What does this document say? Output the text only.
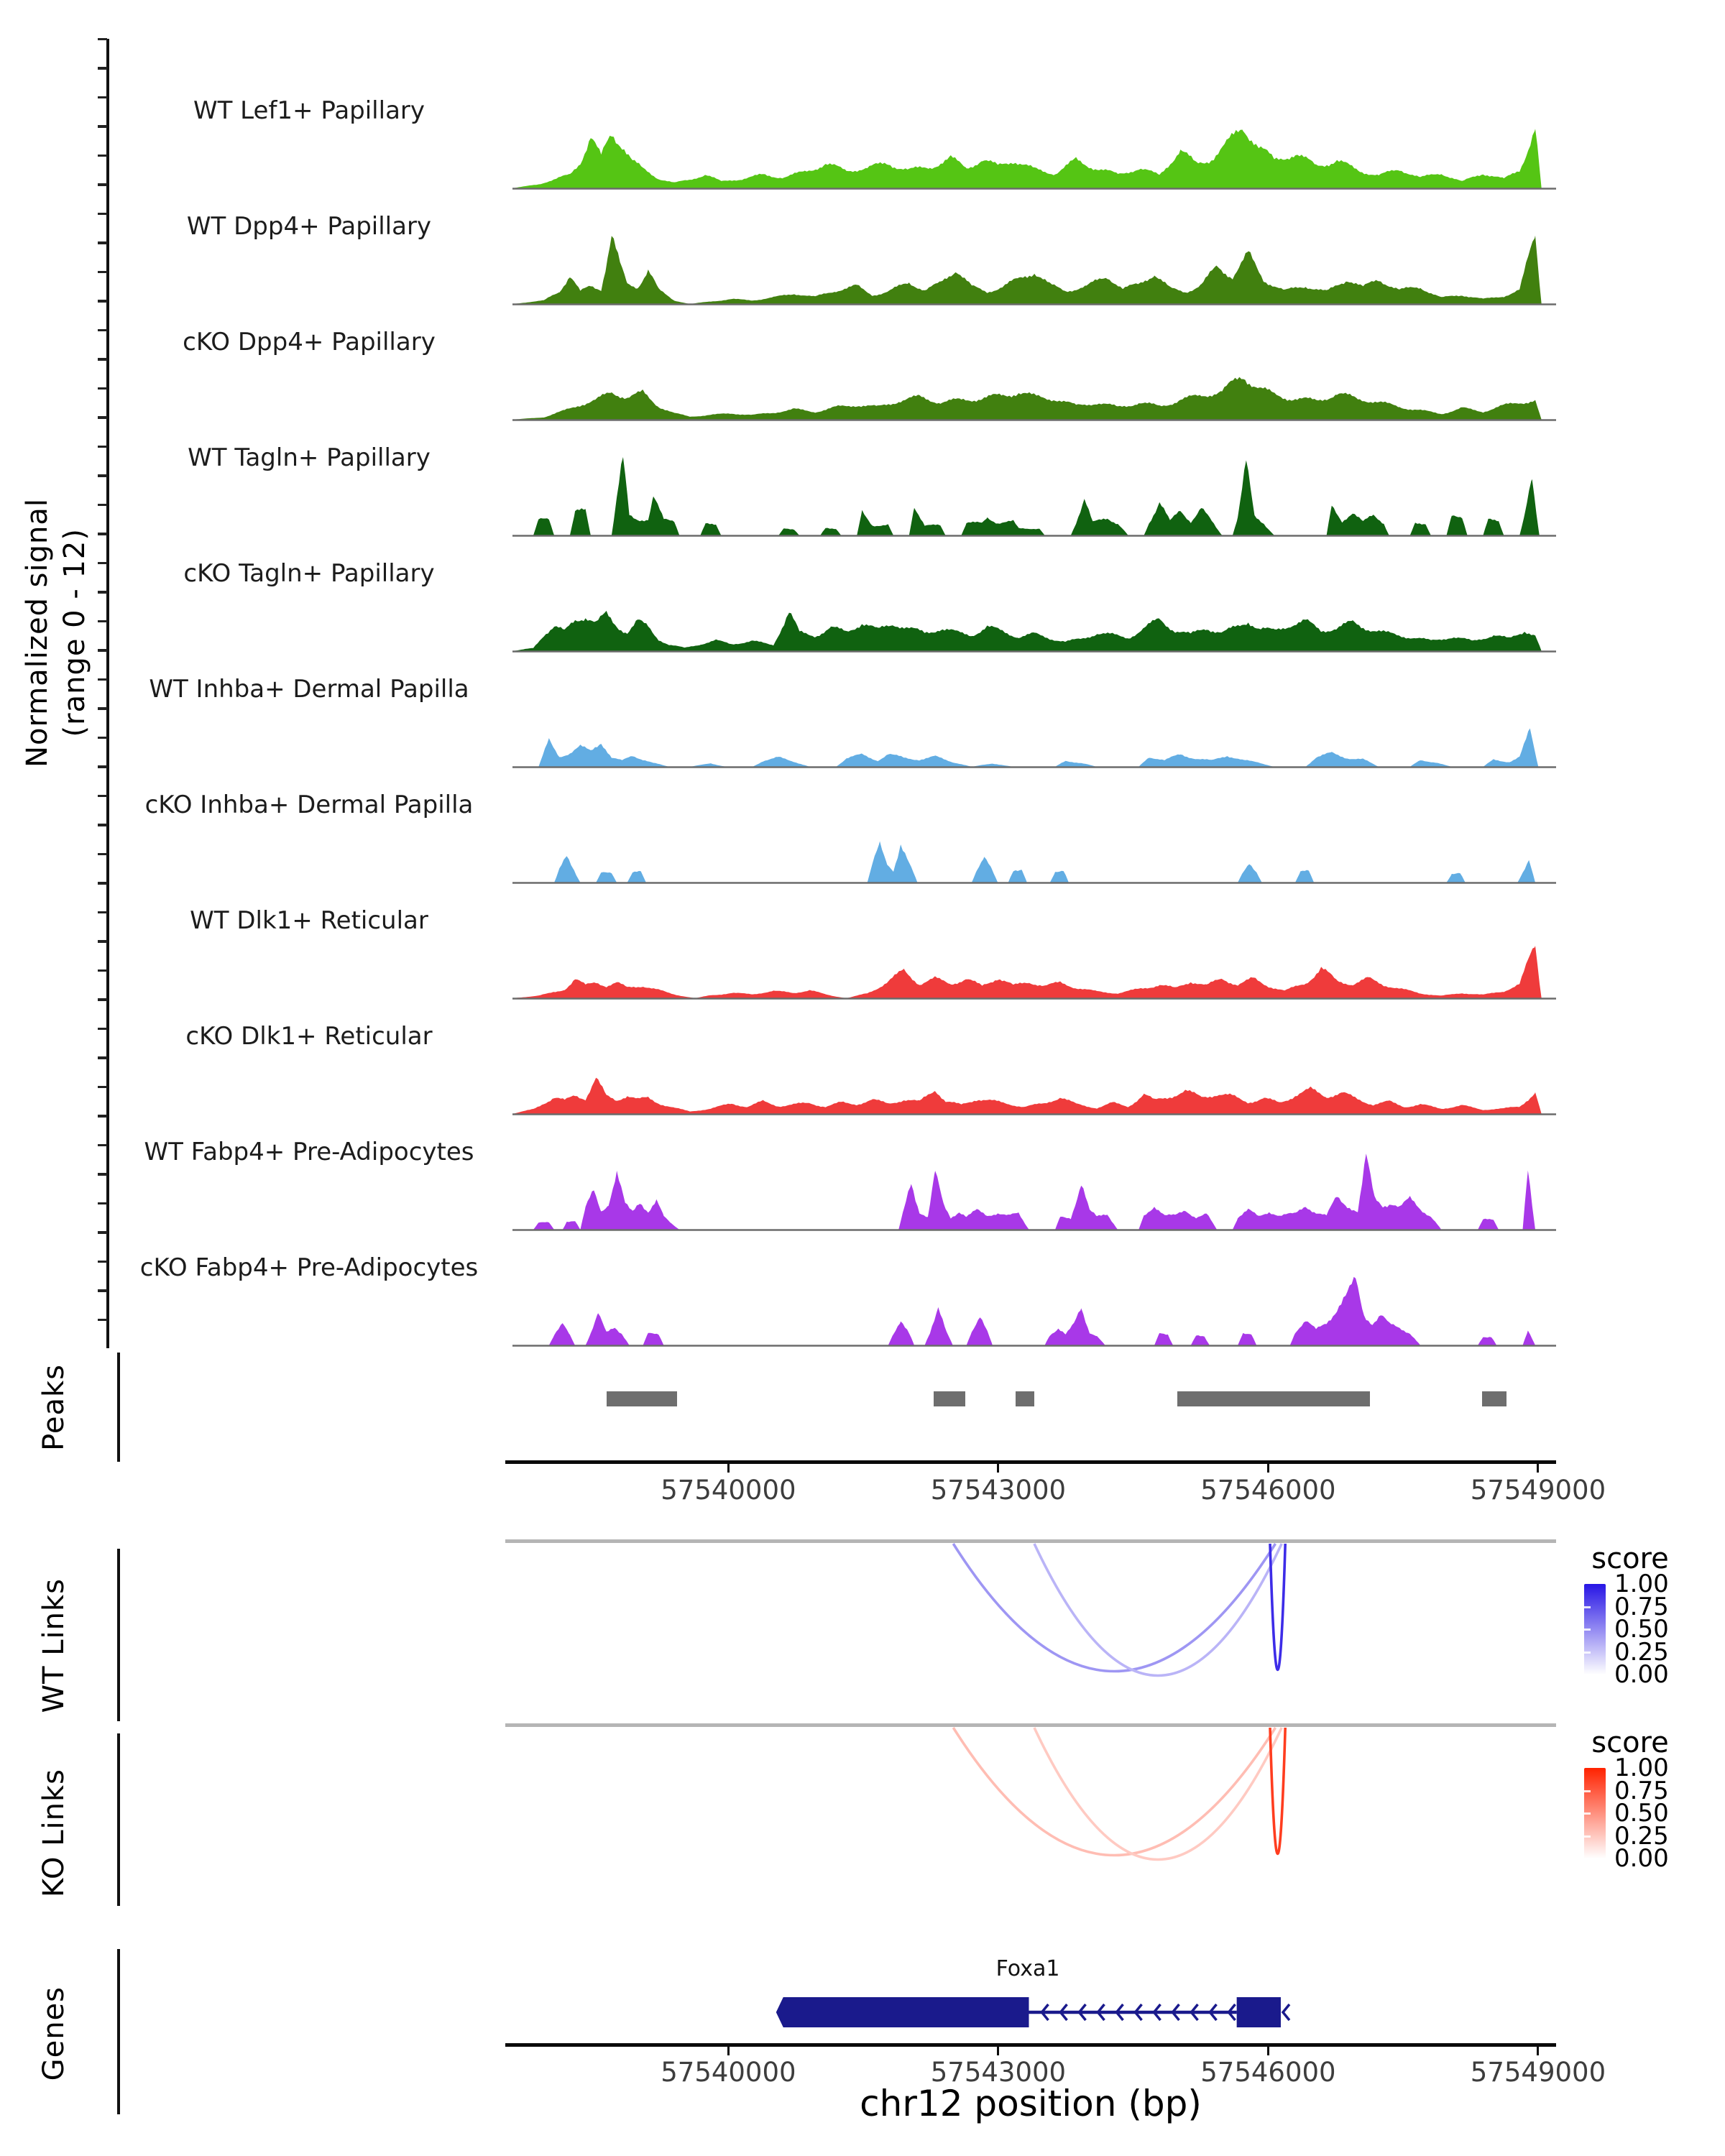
Normalized signal (range 0 - 12)
WT Lef1+ Papillary
WT Dpp4+ Papillary
cKO Dpp4+ Papillary
WT Tagln+ Papillary
cKO Tagln+ Papillary
WT Inhba+ Dermal Papilla
cKO Inhba+ Dermal Papilla
WT Dlk1+ Reticular
cKO Dlk1+ Reticular
WT Fabp4+ Pre-Adipocytes
cKO Fabp4+ Pre-Adipocytes
Peaks
57540000	57543000	57546000	57549000
WT Links
score
1.00
0.75
0.50
0.25
0.00
KO Links
score
1.00
0.75
0.50
0.25
0.00
Genes
Foxa1
57540000	57543000	57546000	57549000
chr12 position (bp)
